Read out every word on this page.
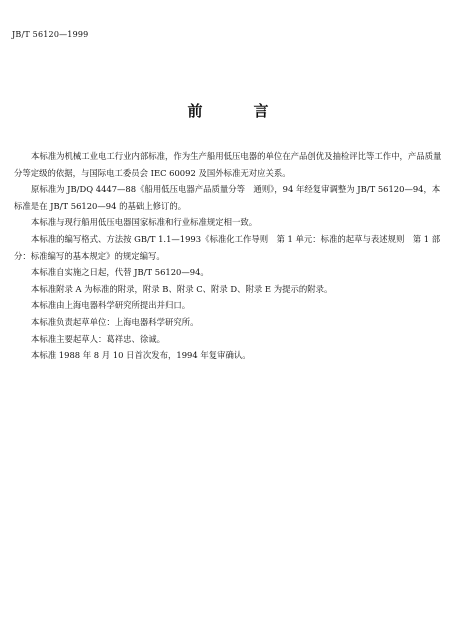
JB/T 56120—1999
前　言

本标准为机械工业电工行业内部标准，作为生产船用低压电器的单位在产品创优及抽检评比等工作中，产品质量分等定级的依据，与国际电工委员会 IEC 60092 及国外标准无对应关系。

原标准为 JB/DQ 4447—88《船用低压电器产品质量分等　通则》，94 年经复审调整为 JB/T 56120—94，本标准是在 JB/T 56120—94 的基础上修订的。

本标准与现行船用低压电器国家标准和行业标准规定相一致。

本标准的编写格式、方法按 GB/T 1.1—1993《标准化工作导则　第 1 单元：标准的起草与表述规则　第 1 部分：标准编写的基本规定》的规定编写。

本标准自实施之日起，代替 JB/T 56120—94。

本标准附录 A 为标准的附录，附录 B、附录 C、附录 D、附录 E 为提示的附录。

本标准由上海电器科学研究所提出并归口。

本标准负责起草单位：上海电器科学研究所。

本标准主要起草人：葛祥忠、徐诚。

本标准 1988 年 8 月 10 日首次发布，1994 年复审确认。
